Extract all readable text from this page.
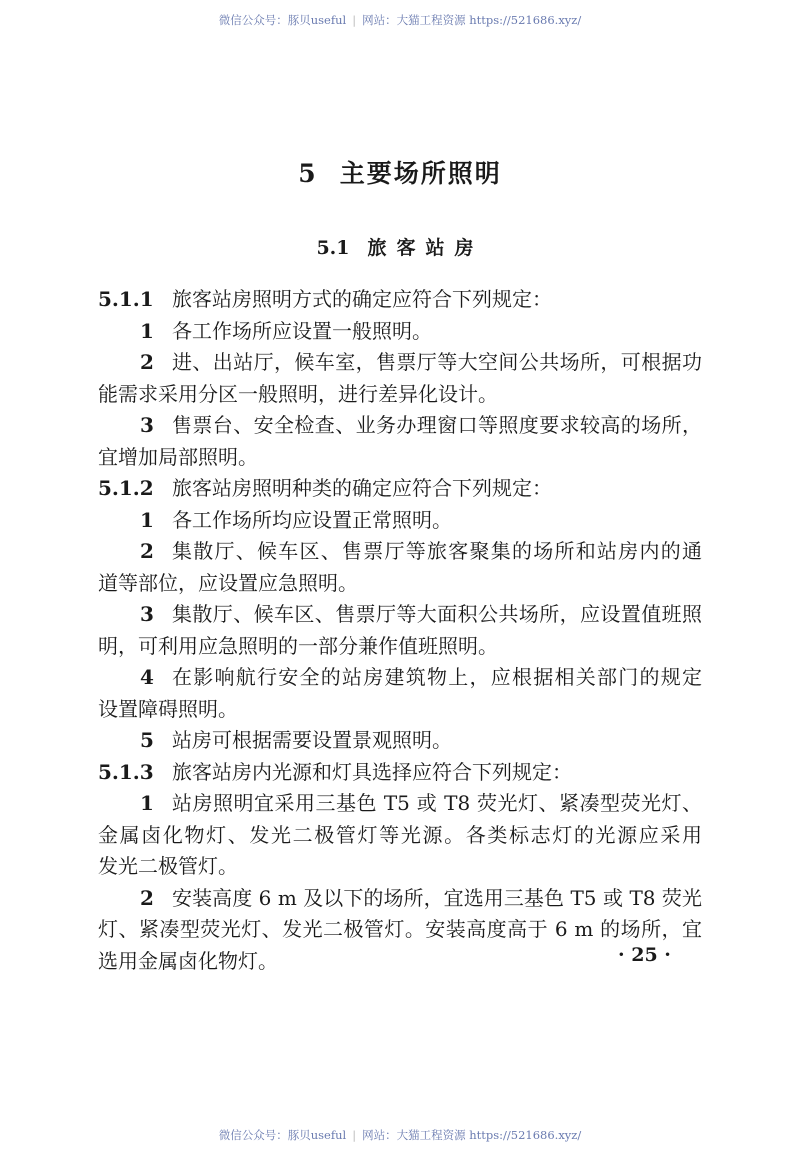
微信公众号：豚贝useful | 网站：大猫工程资源 https://521686.xyz/
5 主要场所照明
5.1 旅客站房
5.1.1 旅客站房照明方式的确定应符合下列规定：
1 各工作场所应设置一般照明。
2 进、出站厅，候车室，售票厅等大空间公共场所，可根据功
能需求采用分区一般照明，进行差异化设计。
3 售票台、安全检查、业务办理窗口等照度要求较高的场所，
宜增加局部照明。
5.1.2 旅客站房照明种类的确定应符合下列规定：
1 各工作场所均应设置正常照明。
2 集散厅、候车区、售票厅等旅客聚集的场所和站房内的通
道等部位，应设置应急照明。
3 集散厅、候车区、售票厅等大面积公共场所，应设置值班照
明，可利用应急照明的一部分兼作值班照明。
4 在影响航行安全的站房建筑物上，应根据相关部门的规定
设置障碍照明。
5 站房可根据需要设置景观照明。
5.1.3 旅客站房内光源和灯具选择应符合下列规定：
1 站房照明宜采用三基色 T5 或 T8 荧光灯、紧凑型荧光灯、
金属卤化物灯、发光二极管灯等光源。各类标志灯的光源应采用
发光二极管灯。
2 安装高度 6 m 及以下的场所，宜选用三基色 T5 或 T8 荧光
灯、紧凑型荧光灯、发光二极管灯。安装高度高于 6 m 的场所，宜
选用金属卤化物灯。	· 25 ·
微信公众号：豚贝useful | 网站：大猫工程资源 https://521686.xyz/
